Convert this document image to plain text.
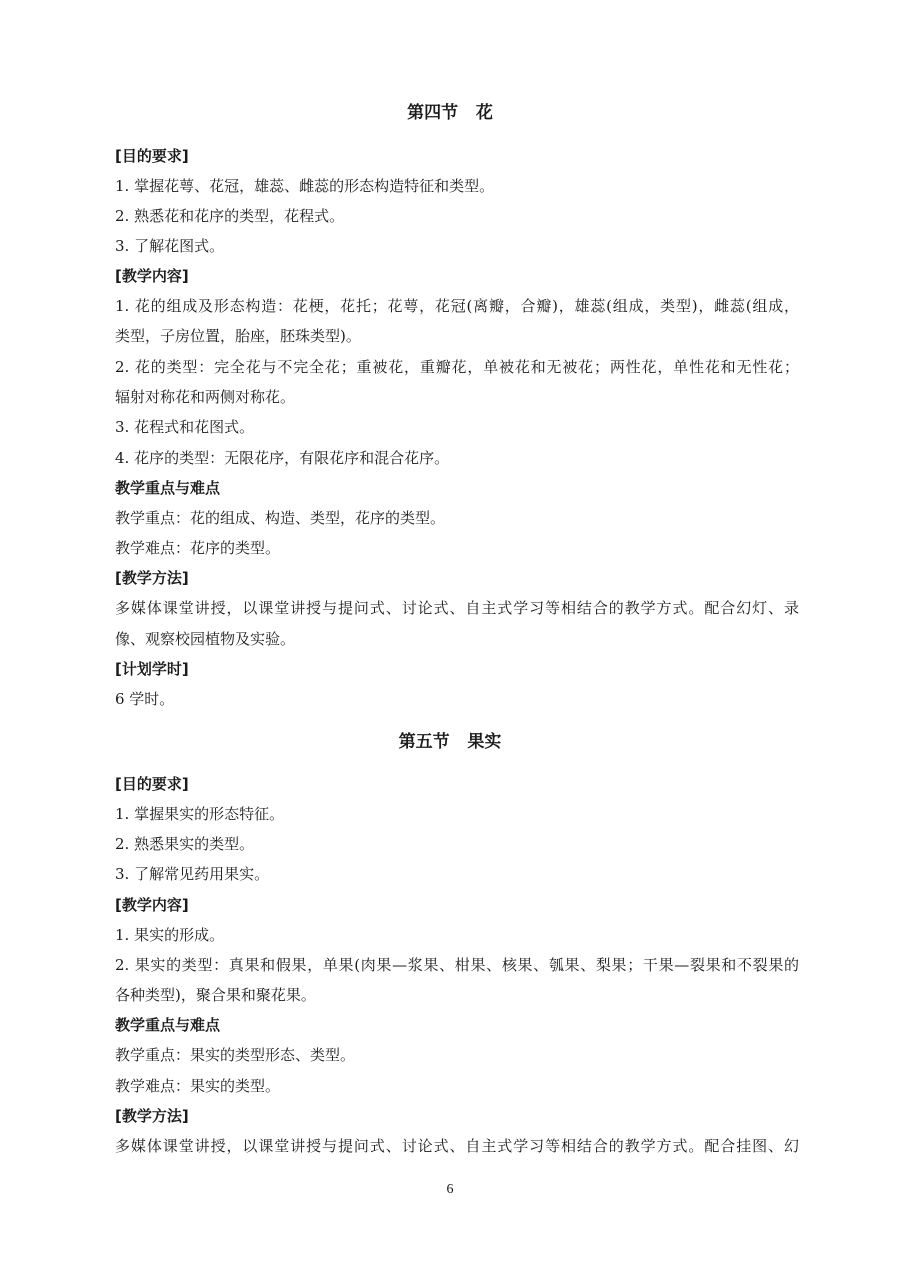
第四节   花
[目的要求]
1. 掌握花萼、花冠，雄蕊、雌蕊的形态构造特征和类型。
2. 熟悉花和花序的类型，花程式。
3. 了解花图式。
[教学内容]
1. 花的组成及形态构造：花梗，花托；花萼，花冠(离瓣，合瓣)，雄蕊(组成，类型)，雌蕊(组成，
类型，子房位置，胎座，胚珠类型)。
2. 花的类型：完全花与不完全花；重被花，重瓣花，单被花和无被花；两性花，单性花和无性花；
辐射对称花和两侧对称花。
3. 花程式和花图式。
4. 花序的类型：无限花序，有限花序和混合花序。
教学重点与难点
教学重点：花的组成、构造、类型，花序的类型。
教学难点：花序的类型。
[教学方法]
多媒体课堂讲授，以课堂讲授与提问式、讨论式、自主式学习等相结合的教学方式。配合幻灯、录
像、观察校园植物及实验。
[计划学时]
6 学时。
第五节   果实
[目的要求]
1. 掌握果实的形态特征。
2. 熟悉果实的类型。
3. 了解常见药用果实。
[教学内容]
1. 果实的形成。
2. 果实的类型：真果和假果，单果(肉果—浆果、柑果、核果、瓠果、梨果；干果—裂果和不裂果的
各种类型)，聚合果和聚花果。
教学重点与难点
教学重点：果实的类型形态、类型。
教学难点：果实的类型。
[教学方法]
多媒体课堂讲授，以课堂讲授与提问式、讨论式、自主式学习等相结合的教学方式。配合挂图、幻
6
